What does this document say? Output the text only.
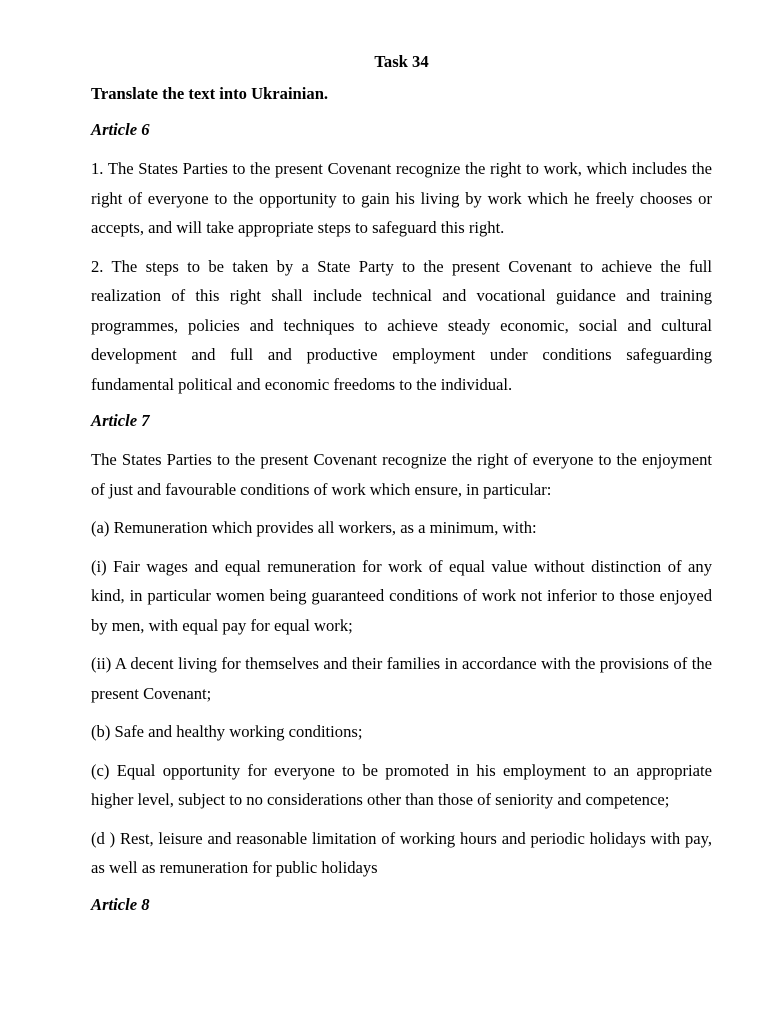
Task 34
Translate the text into Ukrainian.
Article 6

1. The States Parties to the present Covenant recognize the right to work, which includes the right of everyone to the opportunity to gain his living by work which he freely chooses or accepts, and will take appropriate steps to safeguard this right.

2. The steps to be taken by a State Party to the present Covenant to achieve the full realization of this right shall include technical and vocational guidance and training programmes, policies and techniques to achieve steady economic, social and cultural development and full and productive employment under conditions safeguarding fundamental political and economic freedoms to the individual.

Article 7

The States Parties to the present Covenant recognize the right of everyone to the enjoyment of just and favourable conditions of work which ensure, in particular:

(a) Remuneration which provides all workers, as a minimum, with:

(i) Fair wages and equal remuneration for work of equal value without distinction of any kind, in particular women being guaranteed conditions of work not inferior to those enjoyed by men, with equal pay for equal work;

(ii) A decent living for themselves and their families in accordance with the provisions of the present Covenant;

(b) Safe and healthy working conditions;

(c) Equal opportunity for everyone to be promoted in his employment to an appropriate higher level, subject to no considerations other than those of seniority and competence;

(d ) Rest, leisure and reasonable limitation of working hours and periodic holidays with pay, as well as remuneration for public holidays

Article 8
